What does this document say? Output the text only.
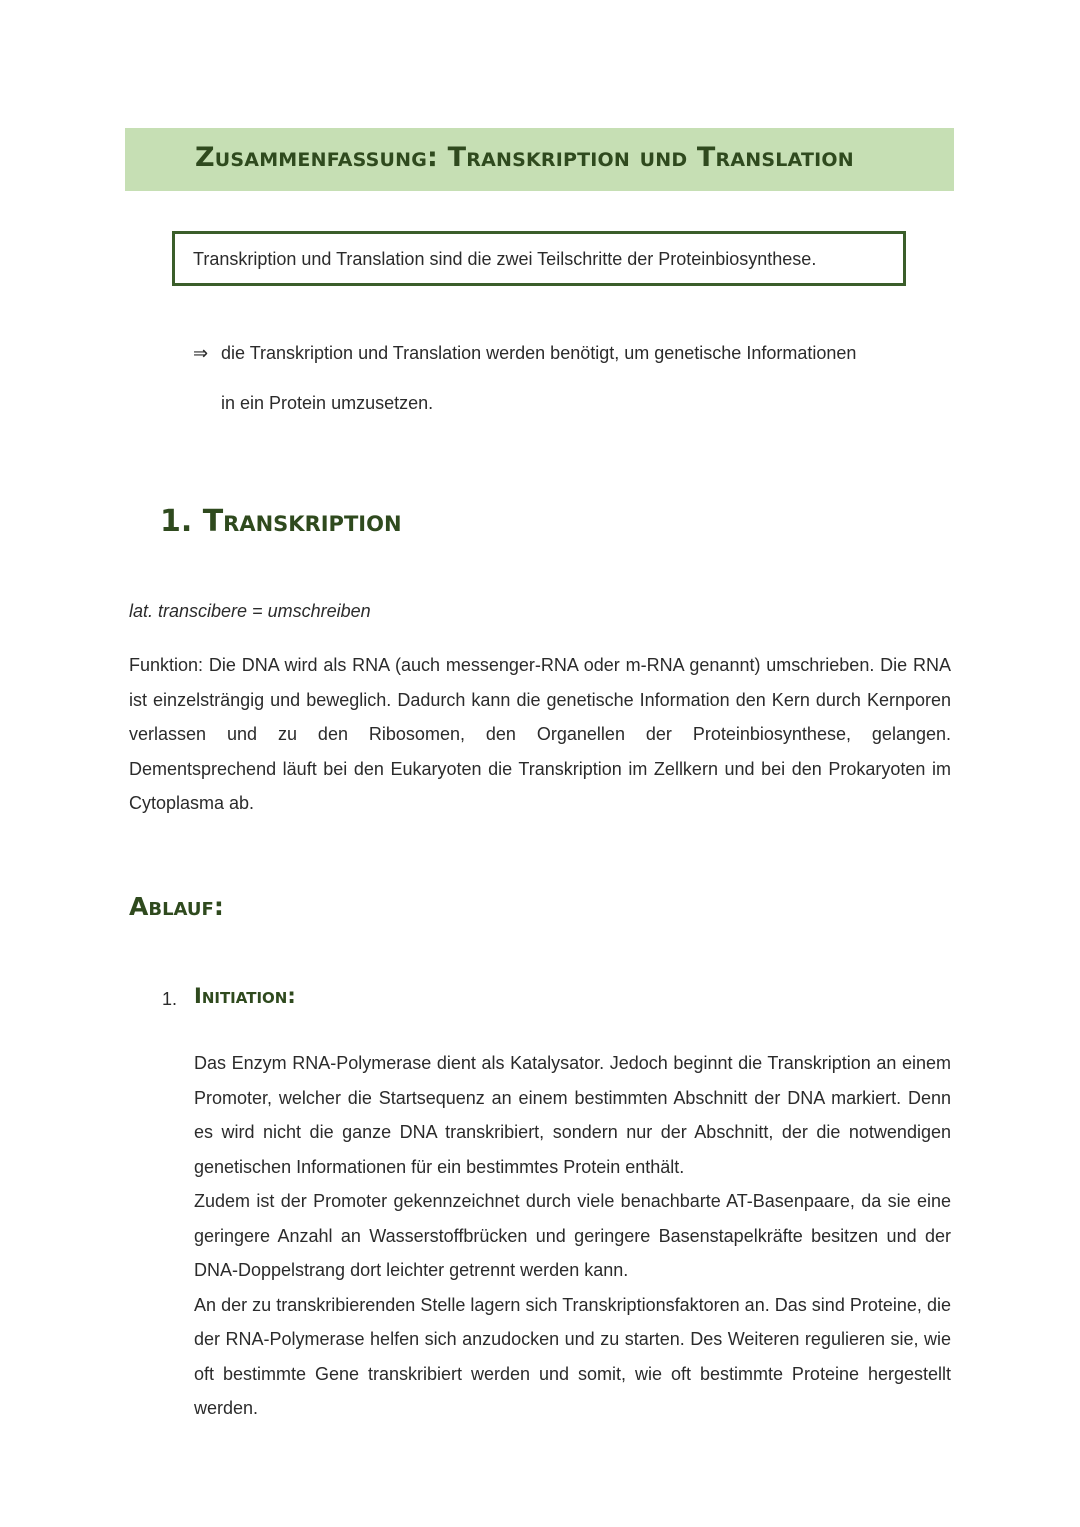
Zusammenfassung: Transkription und Translation
Transkription und Translation sind die zwei Teilschritte der Proteinbiosynthese.
⇒ die Transkription und Translation werden benötigt, um genetische Informationen
in ein Protein umzusetzen.
1. Transkription
lat. transcibere = umschreiben
Funktion: Die DNA wird als RNA (auch messenger-RNA oder m-RNA genannt) umschrieben. Die RNA ist einzelsträngig und beweglich. Dadurch kann die genetische Information den Kern durch Kernporen verlassen und zu den Ribosomen, den Organellen der Proteinbiosynthese, gelangen. Dementsprechend läuft bei den Eukaryoten die Transkription im Zellkern und bei den Prokaryoten im Cytoplasma ab.
Ablauf:
1. Initiation:

Das Enzym RNA-Polymerase dient als Katalysator. Jedoch beginnt die Transkription an einem Promoter, welcher die Startsequenz an einem bestimmten Abschnitt der DNA markiert. Denn es wird nicht die ganze DNA transkribiert, sondern nur der Abschnitt, der die notwendigen genetischen Informationen für ein bestimmtes Protein enthält.

Zudem ist der Promoter gekennzeichnet durch viele benachbarte AT-Basenpaare, da sie eine geringere Anzahl an Wasserstoffbrücken und geringere Basenstapelkräfte besitzen und der DNA-Doppelstrang dort leichter getrennt werden kann.

An der zu transkribierenden Stelle lagern sich Transkriptionsfaktoren an. Das sind Proteine, die der RNA-Polymerase helfen sich anzudocken und zu starten. Des Weiteren regulieren sie, wie oft bestimmte Gene transkribiert werden und somit, wie oft bestimmte Proteine hergestellt werden.
